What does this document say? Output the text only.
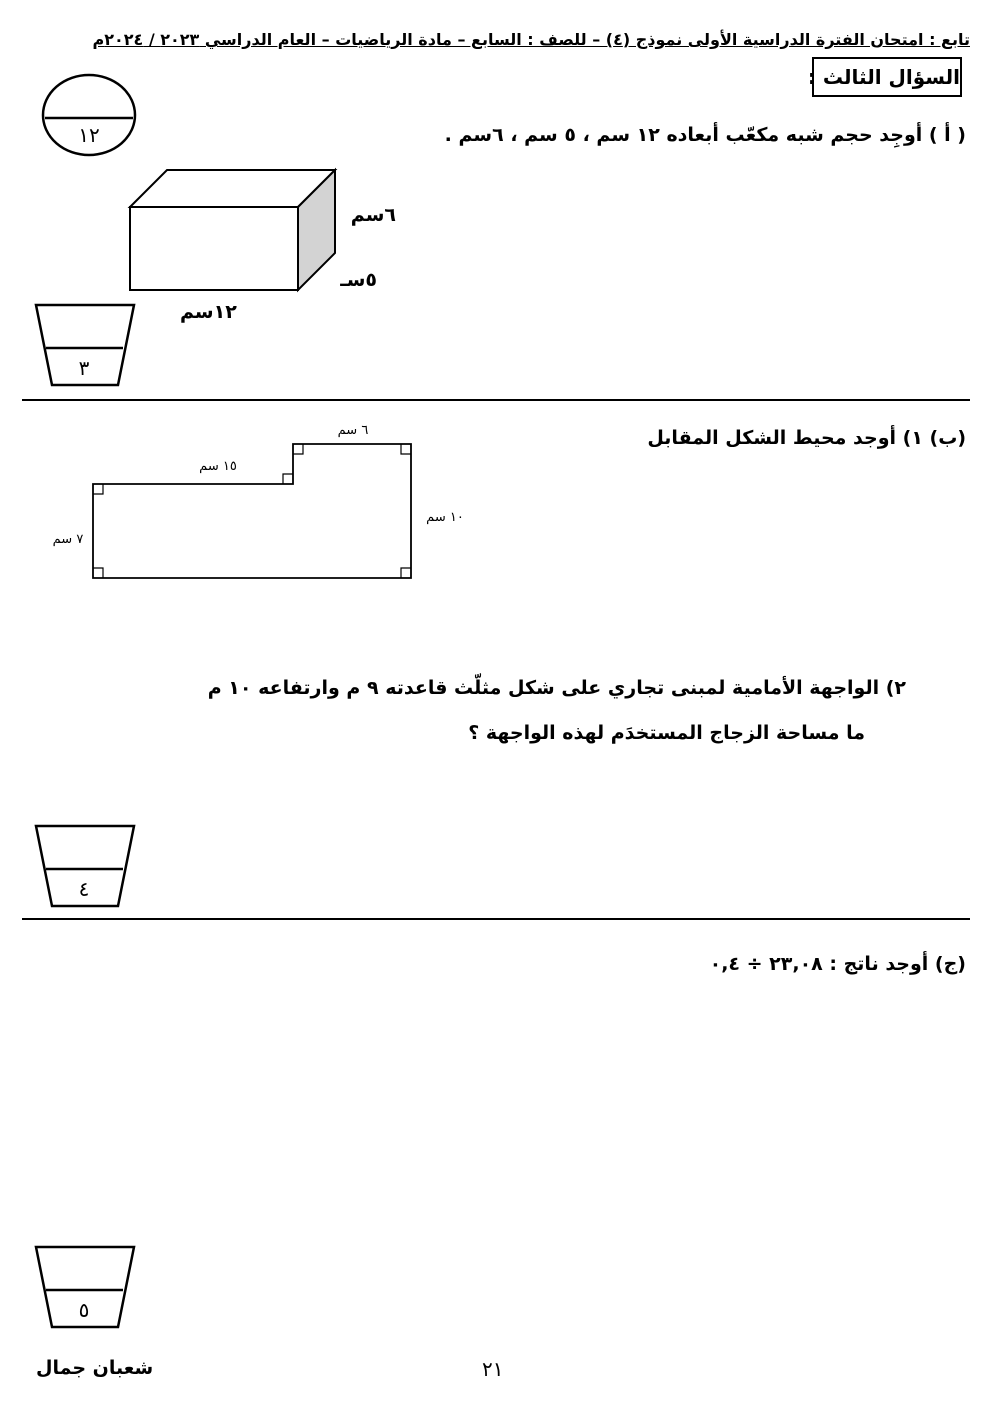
تابع : امتحان الفترة الدراسية الأولى نموذج (٤) – للصف : السابع – مادة الرياضيات – العام الدراسي ٢٠٢٣ / ٢٠٢٤م
السؤال الثالث :
١٢	( أ ) أوجِد حجم شبه مكعّب أبعاده ١٢ سم ، ٥ سم ، ٦سم .
٦سم
٥سـ
١٢سم
٣
(ب) ١) أوجد محيط الشكل المقابل
٦ سم
١٥ سم
١٠ سم
٧ سم
٢) الواجهة الأمامية لمبنى تجاري على شكل مثلّث قاعدته ٩ م وارتفاعه ١٠ م
ما مساحة الزجاج المستخدَم لهذه الواجهة ؟
٤
(ج) أوجد ناتج : ٢٣,٠٨ ÷ ٠,٤
٥
٢١
شعبان جمال
